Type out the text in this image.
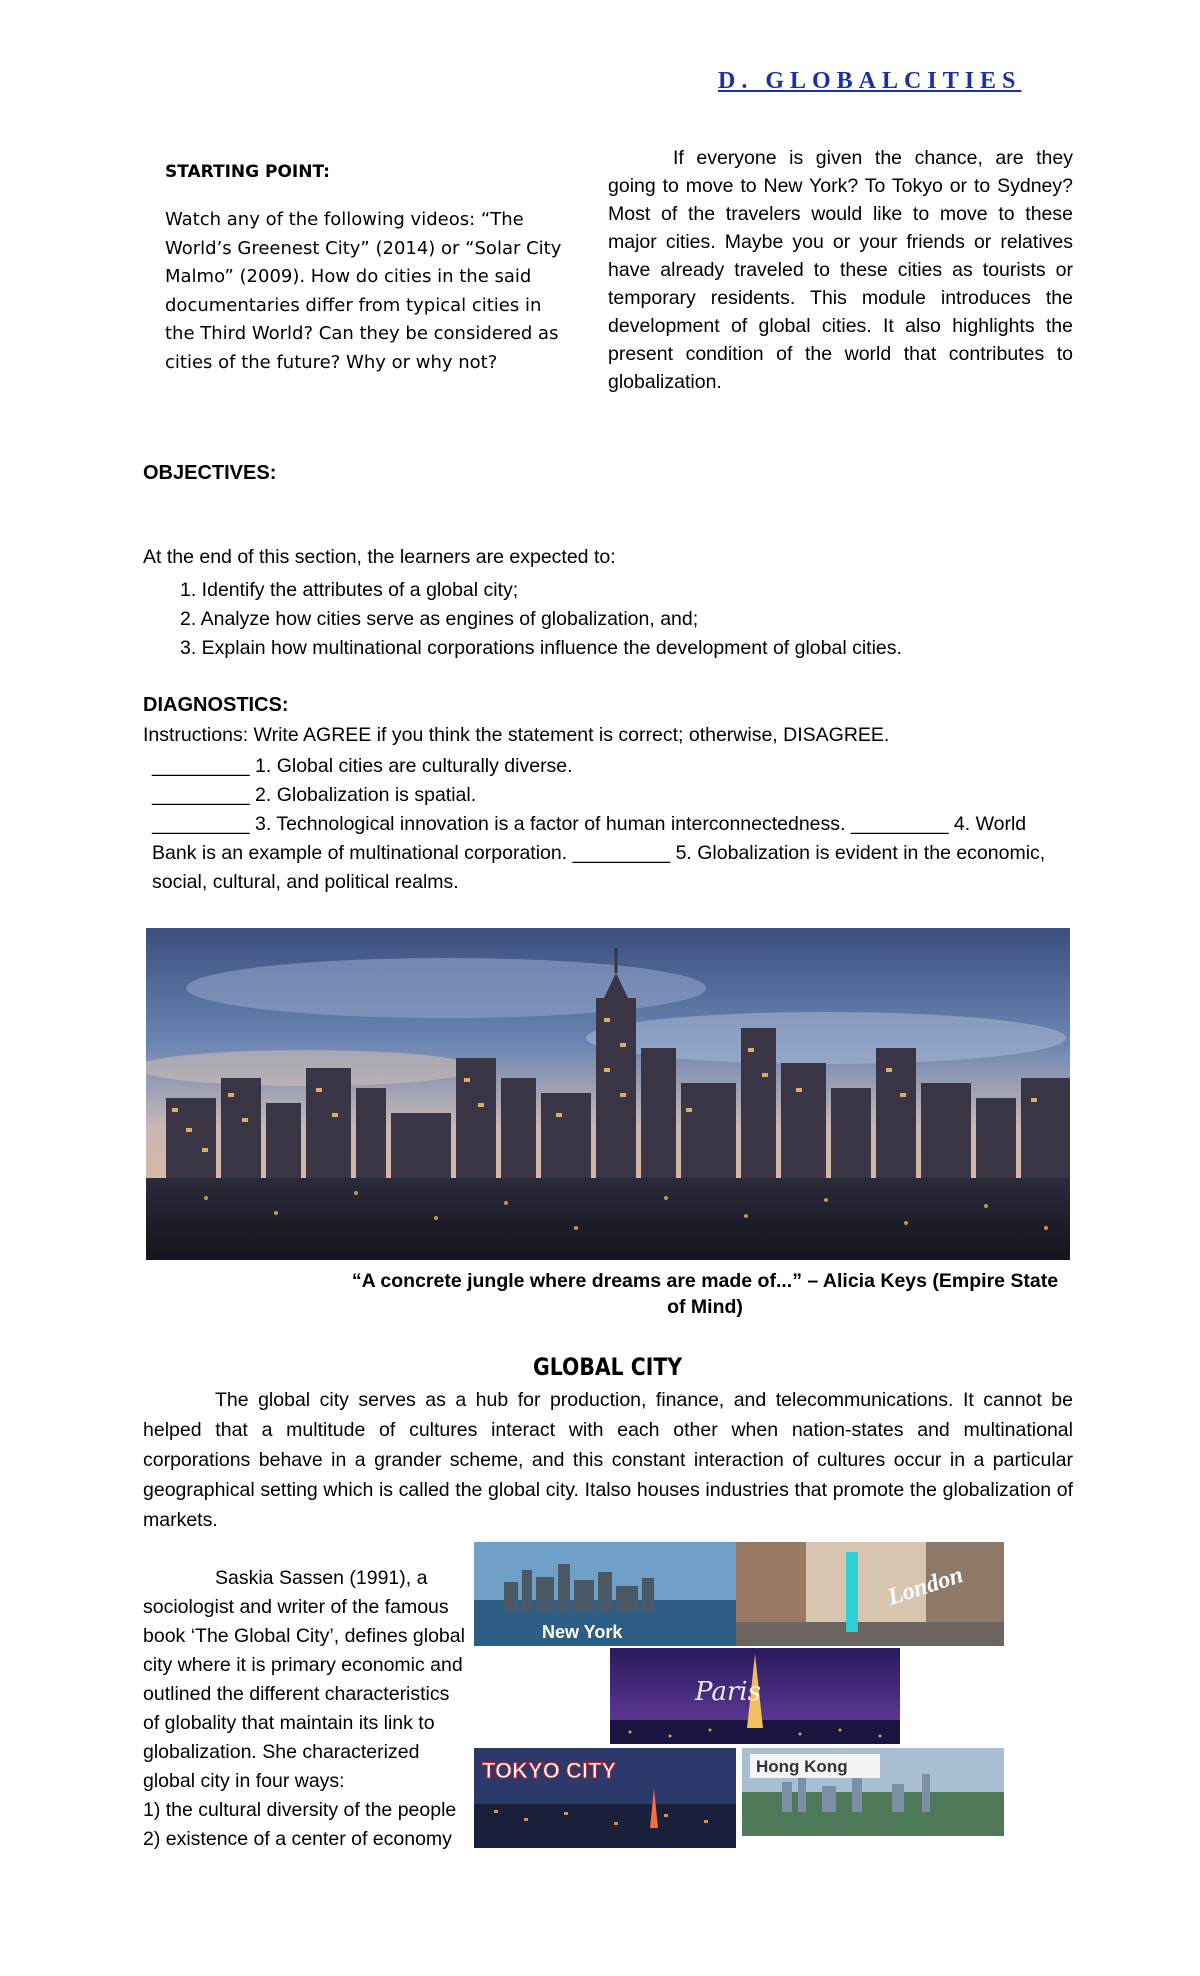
D. GLOBALCITIES
STARTING POINT:
Watch any of the following videos: “The World’s Greenest City” (2014) or “Solar City Malmo” (2009). How do cities in the said documentaries differ from typical cities in the Third World? Can they be considered as cities of the future? Why or why not?
If everyone is given the chance, are they going to move to New York? To Tokyo or to Sydney? Most of the travelers would like to move to these major cities. Maybe you or your friends or relatives have already traveled to these cities as tourists or temporary residents. This module introduces the development of global cities. It also highlights the present condition of the world that contributes to globalization.
OBJECTIVES:
At the end of this section, the learners are expected to:
1. Identify the attributes of a global city;
2. Analyze how cities serve as engines of globalization, and;
3. Explain how multinational corporations influence the development of global cities.
DIAGNOSTICS:
Instructions: Write AGREE if you think the statement is correct; otherwise, DISAGREE.
_________ 1. Global cities are culturally diverse.
_________ 2. Globalization is spatial.
_________ 3. Technological innovation is a factor of human interconnectedness. _________ 4. World Bank is an example of multinational corporation. _________ 5. Globalization is evident in the economic, social, cultural, and political realms.
“A concrete jungle where dreams are made of...” – Alicia Keys (Empire State of Mind)
GLOBAL CITY
The global city serves as a hub for production, finance, and telecommunications. It cannot be helped that a multitude of cultures interact with each other when nation-states and multinational corporations behave in a grander scheme, and this constant interaction of cultures occur in a particular geographical setting which is called the global city. Italso houses industries that promote the globalization of markets.

Saskia Sassen (1991), a

sociologist and writer of the famous

book ‘The Global City’, defines global

city where it is primary economic and

outlined the different characteristics

of globality that maintain its link to

globalization. She characterized

global city in four ways:

1) the cultural diversity of the people

2) existence of a center of economy

New York
London
Paris
TOKYO CITY	Hong Kong
